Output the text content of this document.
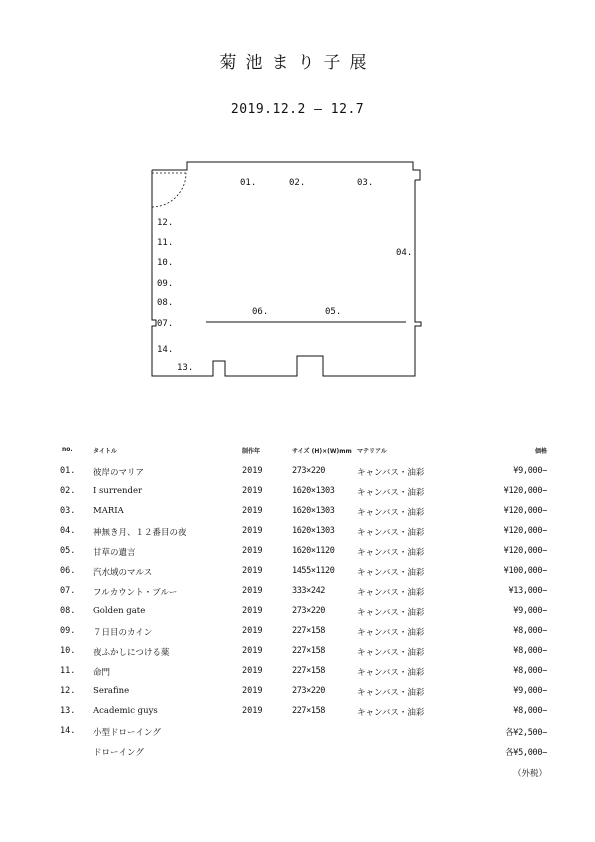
菊池まり子展
2019.12.2 – 12.7
01.	02.	03.
04.
05.
06.
07.
08.
09.
10.
11.
12.
13.
14.
no.	タイトル	制作年	サイズ (H)×(W)mm マテリアル	価格
01. 彼岸のマリア	2019	273×220	キャンバス・油彩	¥9,000−
02. I surrender	2019	1620×1303	キャンバス・油彩	¥120,000−
03. MARIA	2019	1620×1303	キャンバス・油彩	¥120,000−
04. 神無き月、１２番目の夜	2019	1620×1303	キャンバス・油彩	¥120,000−
05. 甘草の遺言	2019	1620×1120	キャンバス・油彩	¥120,000−
06. 汽水域のマルス	2019	1455×1120	キャンバス・油彩	¥100,000−
07. フルカウント・ブルー	2019	333×242	キャンバス・油彩	¥13,000−
08. Golden gate	2019	273×220	キャンバス・油彩	¥9,000−
09. ７日目のカイン	2019	227×158	キャンバス・油彩	¥8,000−
10. 夜ふかしにつける薬	2019	227×158	キャンバス・油彩	¥8,000−
11. 命門	2019	227×158	キャンバス・油彩	¥8,000−
12. Serafine	2019	273×220	キャンバス・油彩	¥9,000−
13. Academic guys	2019	227×158	キャンバス・油彩	¥8,000−
14. 小型ドローイング	各¥2,500−
ドローイング	各¥5,000−
（外税）
